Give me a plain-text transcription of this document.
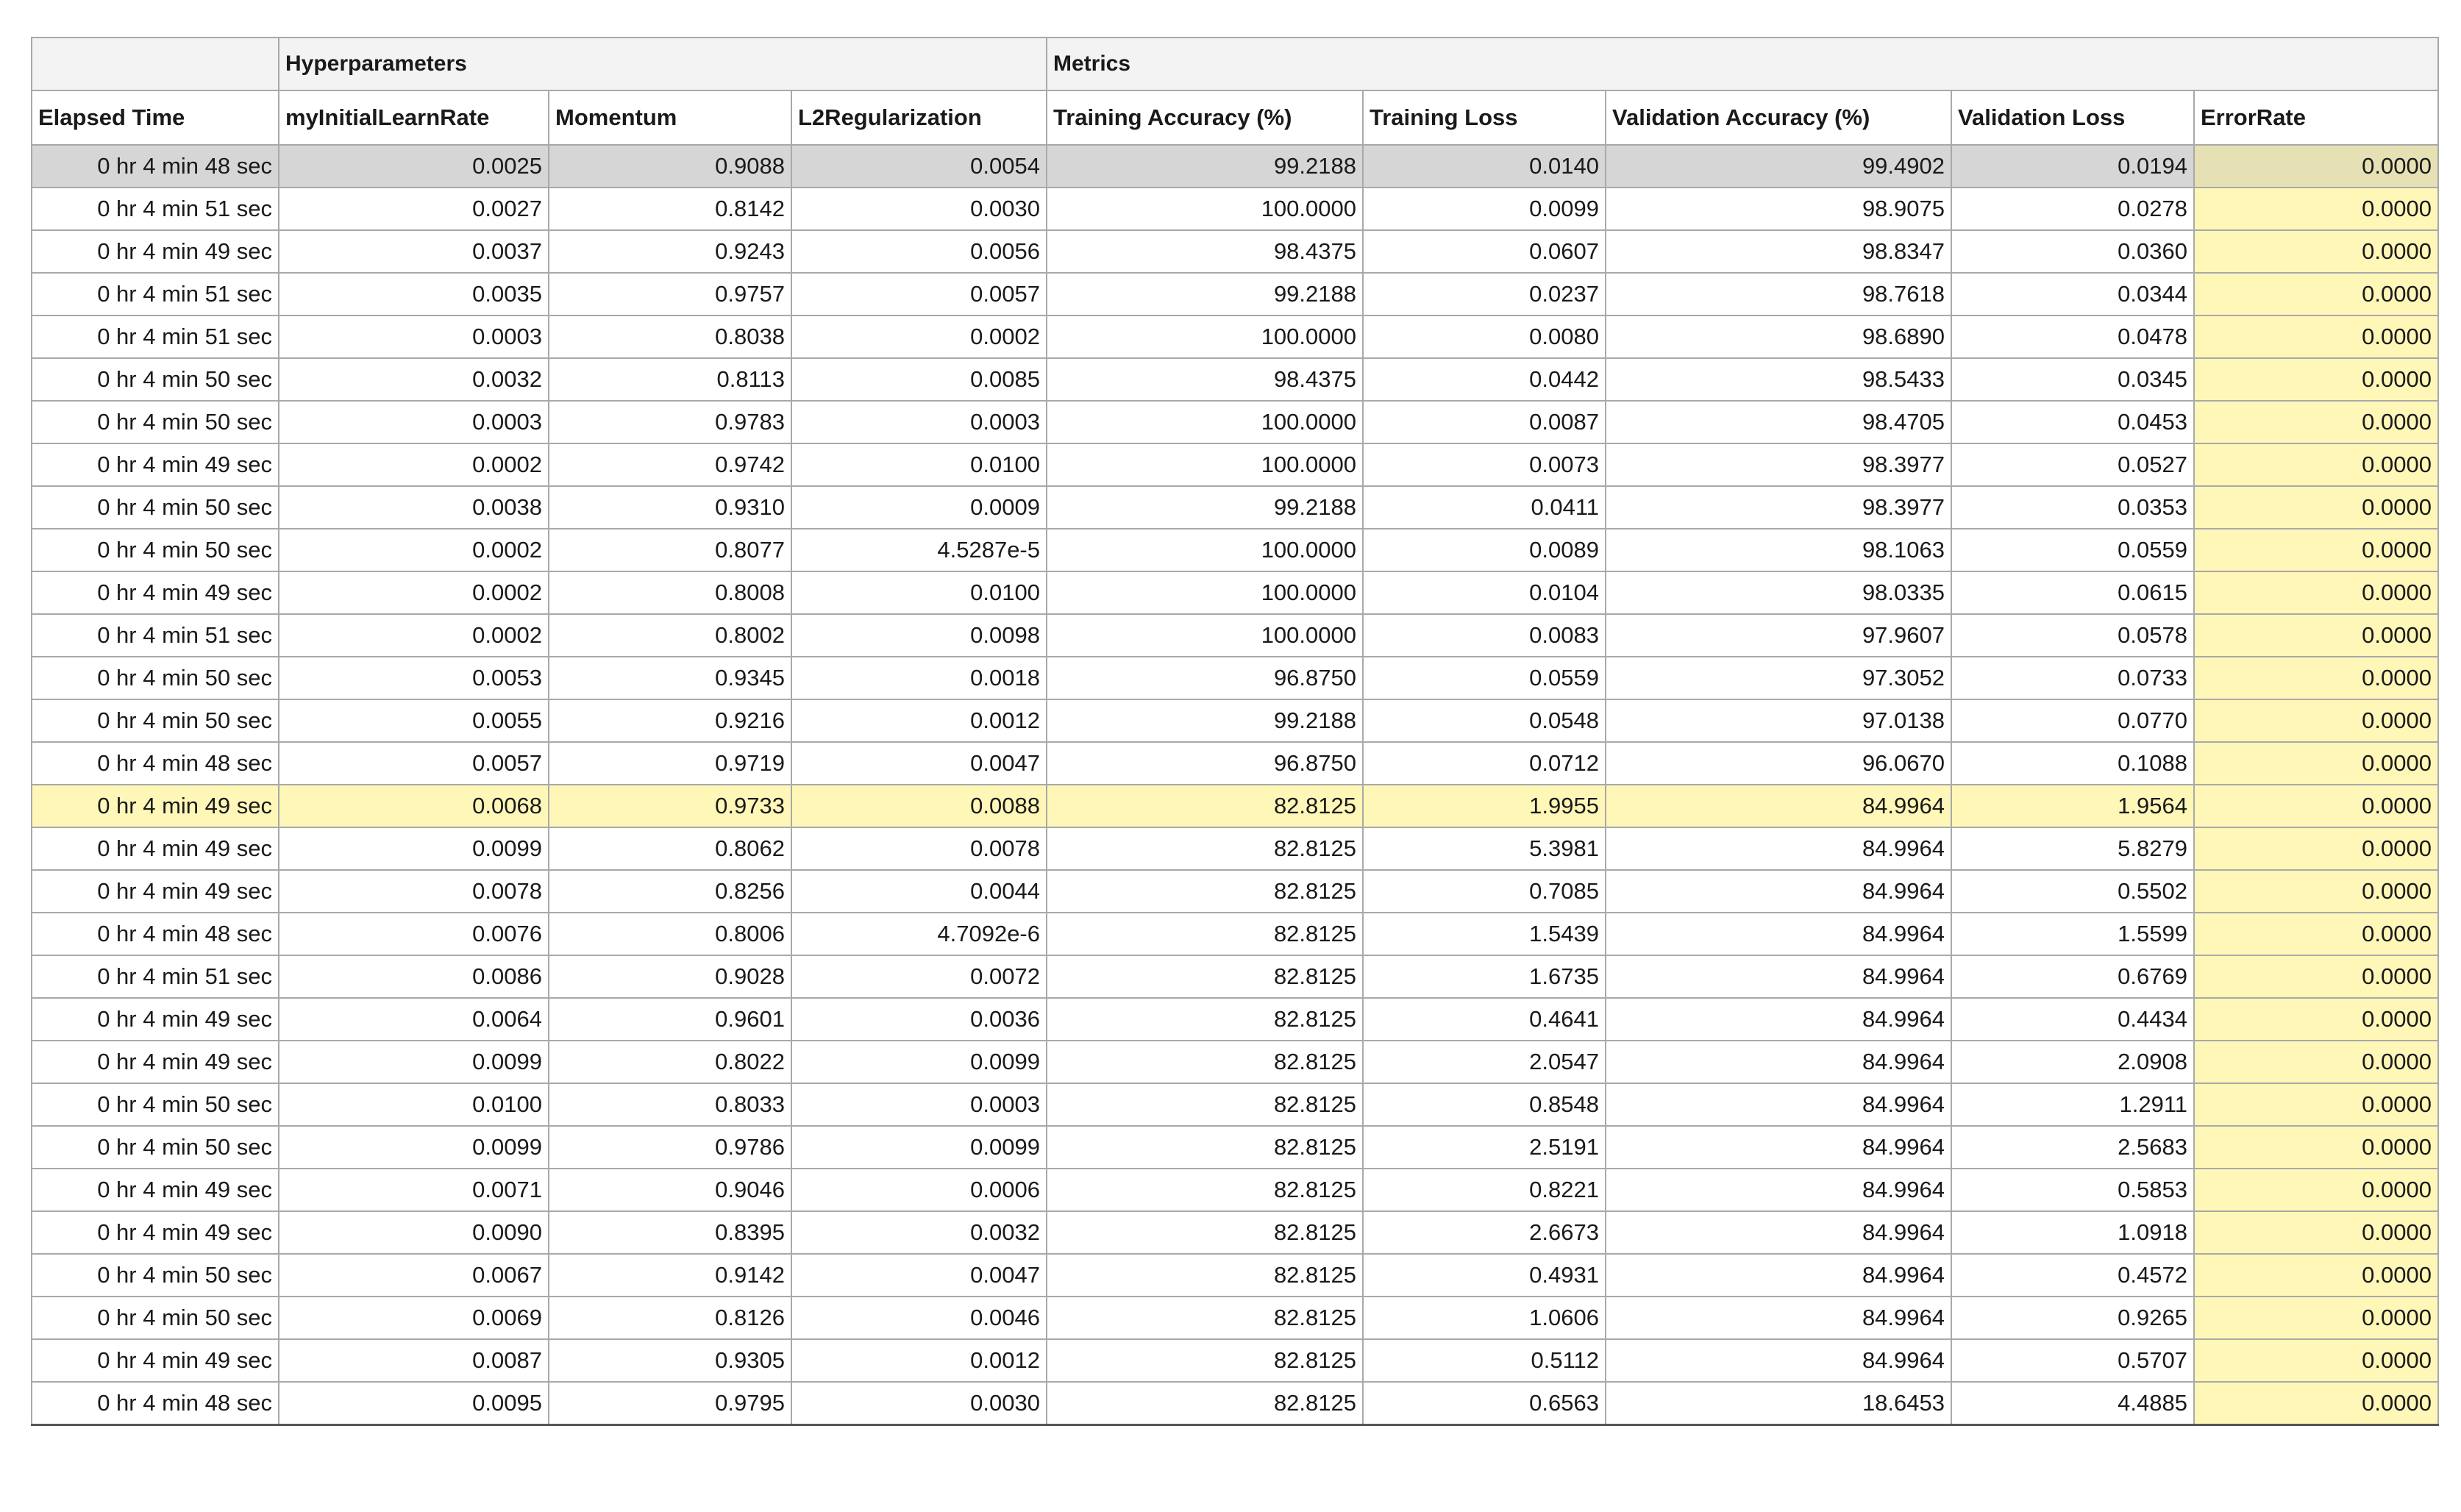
	Hyperparameters			Metrics				
Elapsed Time	myInitialLearnRate	Momentum	L2Regularization	Training Accuracy (%)	Training Loss	Validation Accuracy (%)	Validation Loss	ErrorRate
0 hr 4 min 48 sec	0.0025	0.9088	0.0054	99.2188	0.0140	99.4902	0.0194	0.0000
0 hr 4 min 51 sec	0.0027	0.8142	0.0030	100.0000	0.0099	98.9075	0.0278	0.0000
0 hr 4 min 49 sec	0.0037	0.9243	0.0056	98.4375	0.0607	98.8347	0.0360	0.0000
0 hr 4 min 51 sec	0.0035	0.9757	0.0057	99.2188	0.0237	98.7618	0.0344	0.0000
0 hr 4 min 51 sec	0.0003	0.8038	0.0002	100.0000	0.0080	98.6890	0.0478	0.0000
0 hr 4 min 50 sec	0.0032	0.8113	0.0085	98.4375	0.0442	98.5433	0.0345	0.0000
0 hr 4 min 50 sec	0.0003	0.9783	0.0003	100.0000	0.0087	98.4705	0.0453	0.0000
0 hr 4 min 49 sec	0.0002	0.9742	0.0100	100.0000	0.0073	98.3977	0.0527	0.0000
0 hr 4 min 50 sec	0.0038	0.9310	0.0009	99.2188	0.0411	98.3977	0.0353	0.0000
0 hr 4 min 50 sec	0.0002	0.8077	4.5287e-5	100.0000	0.0089	98.1063	0.0559	0.0000
0 hr 4 min 49 sec	0.0002	0.8008	0.0100	100.0000	0.0104	98.0335	0.0615	0.0000
0 hr 4 min 51 sec	0.0002	0.8002	0.0098	100.0000	0.0083	97.9607	0.0578	0.0000
0 hr 4 min 50 sec	0.0053	0.9345	0.0018	96.8750	0.0559	97.3052	0.0733	0.0000
0 hr 4 min 50 sec	0.0055	0.9216	0.0012	99.2188	0.0548	97.0138	0.0770	0.0000
0 hr 4 min 48 sec	0.0057	0.9719	0.0047	96.8750	0.0712	96.0670	0.1088	0.0000
0 hr 4 min 49 sec	0.0068	0.9733	0.0088	82.8125	1.9955	84.9964	1.9564	0.0000
0 hr 4 min 49 sec	0.0099	0.8062	0.0078	82.8125	5.3981	84.9964	5.8279	0.0000
0 hr 4 min 49 sec	0.0078	0.8256	0.0044	82.8125	0.7085	84.9964	0.5502	0.0000
0 hr 4 min 48 sec	0.0076	0.8006	4.7092e-6	82.8125	1.5439	84.9964	1.5599	0.0000
0 hr 4 min 51 sec	0.0086	0.9028	0.0072	82.8125	1.6735	84.9964	0.6769	0.0000
0 hr 4 min 49 sec	0.0064	0.9601	0.0036	82.8125	0.4641	84.9964	0.4434	0.0000
0 hr 4 min 49 sec	0.0099	0.8022	0.0099	82.8125	2.0547	84.9964	2.0908	0.0000
0 hr 4 min 50 sec	0.0100	0.8033	0.0003	82.8125	0.8548	84.9964	1.2911	0.0000
0 hr 4 min 50 sec	0.0099	0.9786	0.0099	82.8125	2.5191	84.9964	2.5683	0.0000
0 hr 4 min 49 sec	0.0071	0.9046	0.0006	82.8125	0.8221	84.9964	0.5853	0.0000
0 hr 4 min 49 sec	0.0090	0.8395	0.0032	82.8125	2.6673	84.9964	1.0918	0.0000
0 hr 4 min 50 sec	0.0067	0.9142	0.0047	82.8125	0.4931	84.9964	0.4572	0.0000
0 hr 4 min 50 sec	0.0069	0.8126	0.0046	82.8125	1.0606	84.9964	0.9265	0.0000
0 hr 4 min 49 sec	0.0087	0.9305	0.0012	82.8125	0.5112	84.9964	0.5707	0.0000
0 hr 4 min 48 sec	0.0095	0.9795	0.0030	82.8125	0.6563	18.6453	4.4885	0.0000
